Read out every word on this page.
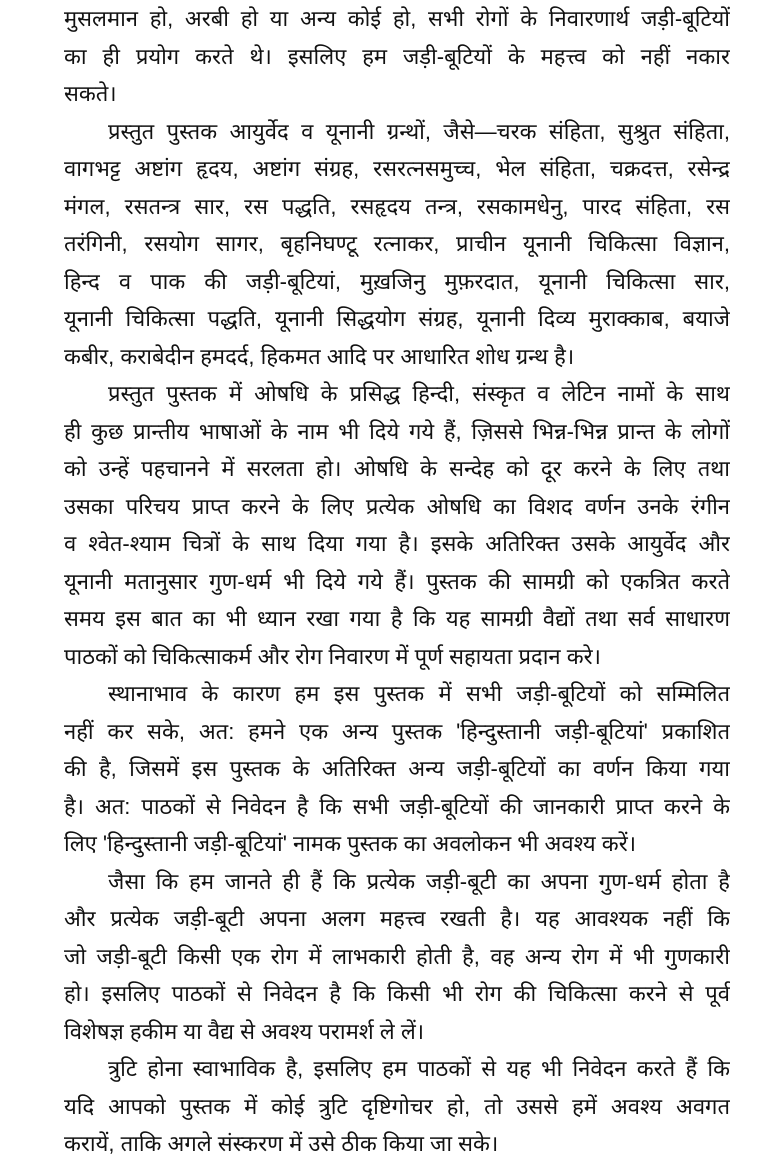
मुसलमान हो, अरबी हो या अन्य कोई हो, सभी रोगों के निवारणार्थ जड़ी-बूटियों
का ही प्रयोग करते थे। इसलिए हम जड़ी-बूटियों के महत्त्व को नहीं नकार
सकते।
प्रस्तुत पुस्तक आयुर्वेद व यूनानी ग्रन्थों, जैसे—चरक संहिता, सुश्रुत संहिता,
वागभट्ट अष्टांग हृदय, अष्टांग संग्रह, रसरत्नसमुच्च, भेल संहिता, चक्रदत्त, रसेन्द्र
मंगल, रसतन्त्र सार, रस पद्धति, रसहृदय तन्त्र, रसकामधेनु, पारद संहिता, रस
तरंगिनी, रसयोग सागर, बृहनिघण्टू रत्नाकर, प्राचीन यूनानी चिकित्सा विज्ञान,
हिन्द व पाक की जड़ी-बूटियां, मुख़जिनु मुफ़रदात, यूनानी चिकित्सा सार,
यूनानी चिकित्सा पद्धति, यूनानी सिद्धयोग संग्रह, यूनानी दिव्य मुराक्काब, बयाजे
कबीर, कराबेदीन हमदर्द, हिकमत आदि पर आधारित शोध ग्रन्थ है।
प्रस्तुत पुस्तक में ओषधि के प्रसिद्ध हिन्दी, संस्कृत व लेटिन नामों के साथ
ही कुछ प्रान्तीय भाषाओं के नाम भी दिये गये हैं, ज़िससे भिन्न-भिन्न प्रान्त के लोगों
को उन्हें पहचानने में सरलता हो। ओषधि के सन्देह को दूर करने के लिए तथा
उसका परिचय प्राप्त करने के लिए प्रत्येक ओषधि का विशद वर्णन उनके रंगीन
व श्वेत-श्याम चित्रों के साथ दिया गया है। इसके अतिरिक्त उसके आयुर्वेद और
यूनानी मतानुसार गुण-धर्म भी दिये गये हैं। पुस्तक की सामग्री को एकत्रित करते
समय इस बात का भी ध्यान रखा गया है कि यह सामग्री वैद्यों तथा सर्व साधारण
पाठकों को चिकित्साकर्म और रोग निवारण में पूर्ण सहायता प्रदान करे।
स्थानाभाव के कारण हम इस पुस्तक में सभी जड़ी-बूटियों को सम्मिलित
नहीं कर सके, अत: हमने एक अन्य पुस्तक 'हिन्दुस्तानी जड़ी-बूटियां' प्रकाशित
की है, जिसमें इस पुस्तक के अतिरिक्त अन्य जड़ी-बूटियों का वर्णन किया गया
है। अत: पाठकों से निवेदन है कि सभी जड़ी-बूटियों की जानकारी प्राप्त करने के
लिए 'हिन्दुस्तानी जड़ी-बूटियां' नामक पुस्तक का अवलोकन भी अवश्य करें।
जैसा कि हम जानते ही हैं कि प्रत्येक जड़ी-बूटी का अपना गुण-धर्म होता है
और प्रत्येक जड़ी-बूटी अपना अलग महत्त्व रखती है। यह आवश्यक नहीं कि
जो जड़ी-बूटी किसी एक रोग में लाभकारी होती है, वह अन्य रोग में भी गुणकारी
हो। इसलिए पाठकों से निवेदन है कि किसी भी रोग की चिकित्सा करने से पूर्व
विशेषज्ञ हकीम या वैद्य से अवश्य परामर्श ले लें।
त्रुटि होना स्वाभाविक है, इसलिए हम पाठकों से यह भी निवेदन करते हैं कि
यदि आपको पुस्तक में कोई त्रुटि दृष्टिगोचर हो, तो उससे हमें अवश्य अवगत
करायें, ताकि अगले संस्करण में उसे ठीक किया जा सके।
